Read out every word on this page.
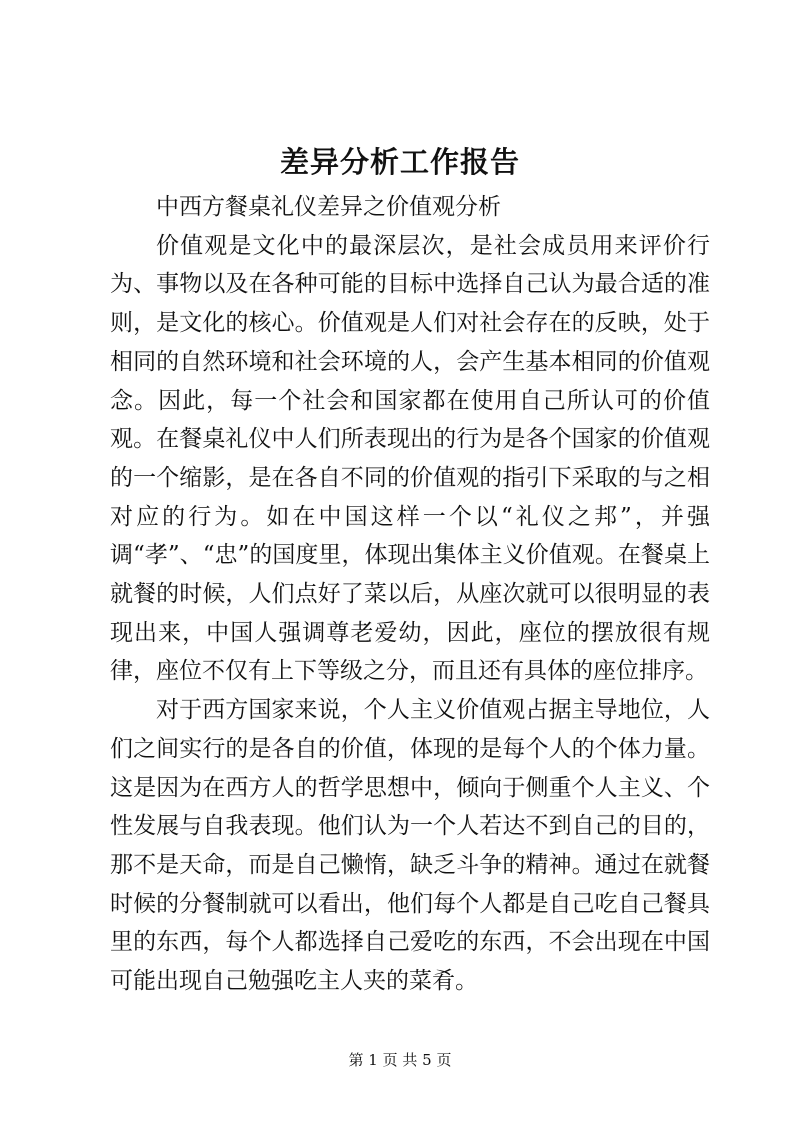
差异分析工作报告

中西方餐桌礼仪差异之价值观分析

价值观是文化中的最深层次，是社会成员用来评价行为、事物以及在各种可能的目标中选择自己认为最合适的准则，是文化的核心。价值观是人们对社会存在的反映，处于相同的自然环境和社会环境的人，会产生基本相同的价值观念。因此，每一个社会和国家都在使用自己所认可的价值观。在餐桌礼仪中人们所表现出的行为是各个国家的价值观的一个缩影，是在各自不同的价值观的指引下采取的与之相对应的行为。如在中国这样一个以“礼仪之邦”，并强调“孝”、“忠”的国度里，体现出集体主义价值观。在餐桌上就餐的时候，人们点好了菜以后，从座次就可以很明显的表现出来，中国人强调尊老爱幼，因此，座位的摆放很有规律，座位不仅有上下等级之分，而且还有具体的座位排序。

对于西方国家来说，个人主义价值观占据主导地位，人们之间实行的是各自的价值，体现的是每个人的个体力量。这是因为在西方人的哲学思想中，倾向于侧重个人主义、个性发展与自我表现。他们认为一个人若达不到自己的目的，那不是天命，而是自己懒惰，缺乏斗争的精神。通过在就餐时候的分餐制就可以看出，他们每个人都是自己吃自己餐具里的东西，每个人都选择自己爱吃的东西，不会出现在中国可能出现自己勉强吃主人夹的菜肴。

第 1 页 共 5 页
